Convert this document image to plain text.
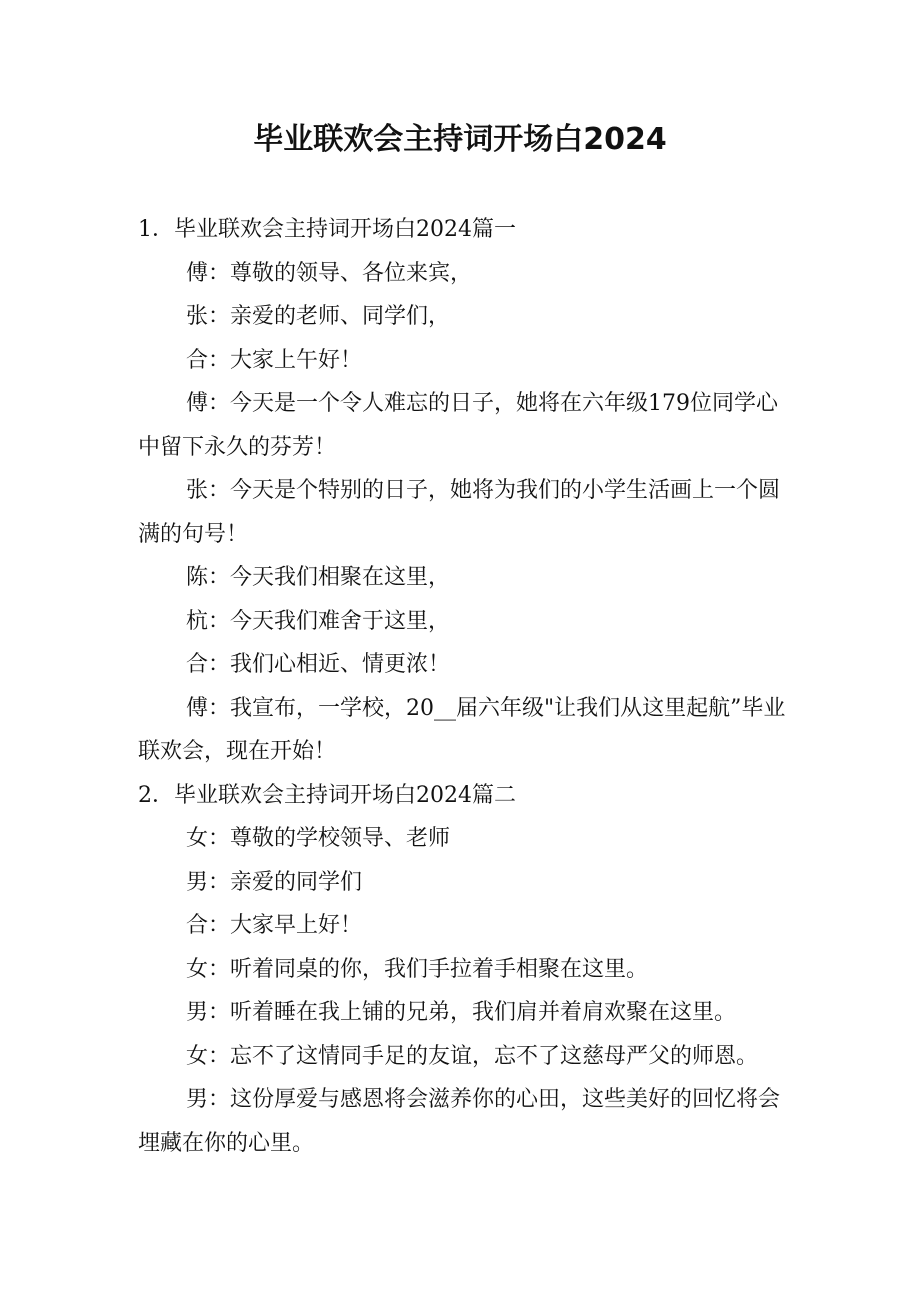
毕业联欢会主持词开场白2024

1．毕业联欢会主持词开场白2024篇一

傅：尊敬的领导、各位来宾，

张：亲爱的老师、同学们，

合：大家上午好！

傅：今天是一个令人难忘的日子，她将在六年级179位同学心中留下永久的芬芳！

张：今天是个特别的日子，她将为我们的小学生活画上一个圆满的句号！

陈：今天我们相聚在这里，

杭：今天我们难舍于这里，

合：我们心相近、情更浓！

傅：我宣布，一学校，20__届六年级"让我们从这里起航”毕业联欢会，现在开始！

2．毕业联欢会主持词开场白2024篇二

女：尊敬的学校领导、老师

男：亲爱的同学们

合：大家早上好！

女：听着同桌的你，我们手拉着手相聚在这里。

男：听着睡在我上铺的兄弟，我们肩并着肩欢聚在这里。

女：忘不了这情同手足的友谊，忘不了这慈母严父的师恩。

男：这份厚爱与感恩将会滋养你的心田，这些美好的回忆将会埋藏在你的心里。
